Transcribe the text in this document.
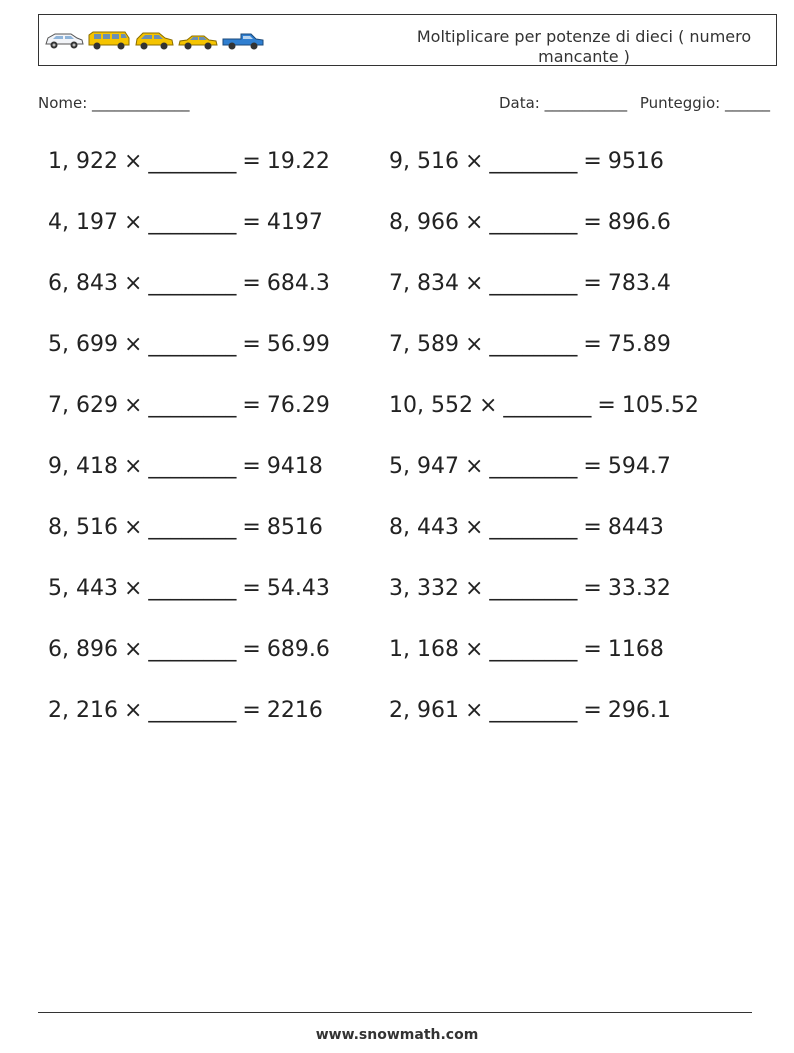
Moltiplicare per potenze di dieci ( numero mancante )
Nome: _____________	Data: ___________ Punteggio: ______
1, 922 × ________ = 19.22	9, 516 × ________ = 9516
4, 197 × ________ = 4197	8, 966 × ________ = 896.6
6, 843 × ________ = 684.3	7, 834 × ________ = 783.4
5, 699 × ________ = 56.99	7, 589 × ________ = 75.89
7, 629 × ________ = 76.29	10, 552 × ________ = 105.52
9, 418 × ________ = 9418	5, 947 × ________ = 594.7
8, 516 × ________ = 8516	8, 443 × ________ = 8443
5, 443 × ________ = 54.43	3, 332 × ________ = 33.32
6, 896 × ________ = 689.6	1, 168 × ________ = 1168
2, 216 × ________ = 2216	2, 961 × ________ = 296.1
www.snowmath.com
